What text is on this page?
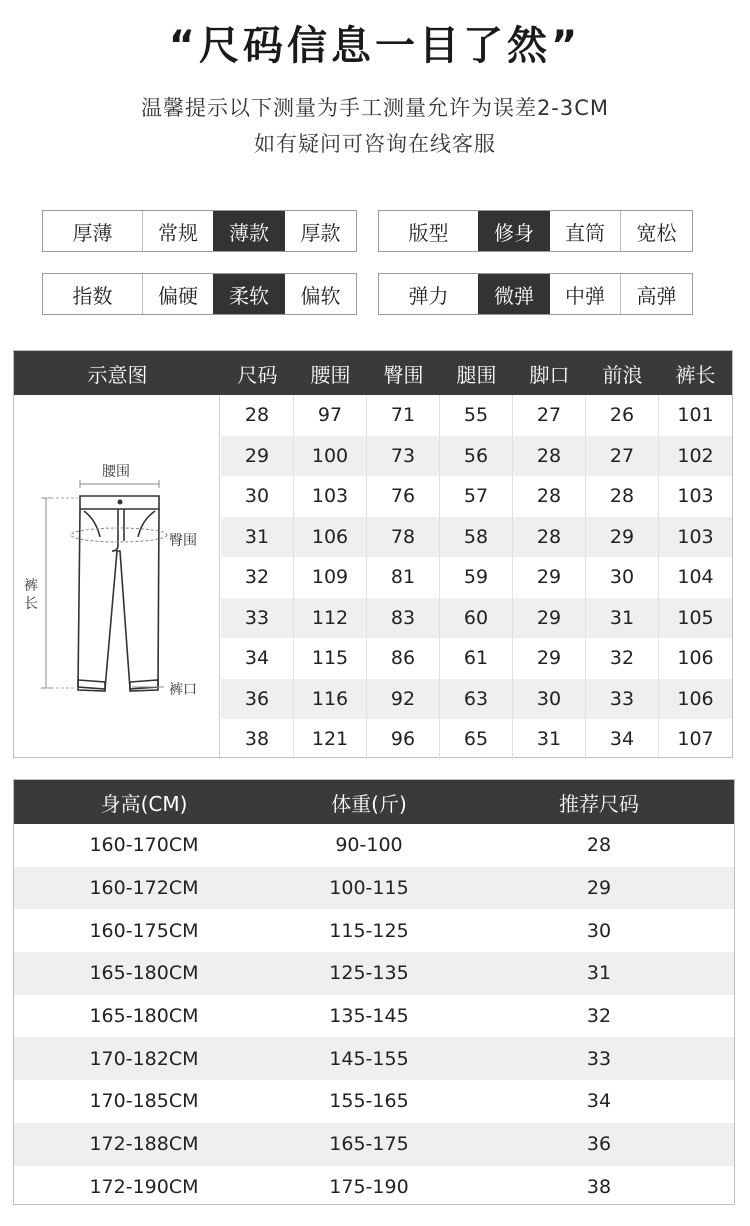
“尺码信息一目了然”
温馨提示以下测量为手工测量允许为误差2-3CM
如有疑问可咨询在线客服
厚薄	常规	薄款	厚款	版型	修身	直筒	宽松
指数	偏硬	柔软	偏软	弹力	微弹	中弹	高弹
示意图	尺码	腰围	臀围	腿围	脚口	前浪	裤长
腰围
臀围
裤
长
裤口
28	97	71	55	27	26	101
29	100	73	56	28	27	102
30	103	76	57	28	28	103
31	106	78	58	28	29	103
32	109	81	59	29	30	104
33	112	83	60	29	31	105
34	115	86	61	29	32	106
36	116	92	63	30	33	106
38	121	96	65	31	34	107
身高(CM)	体重(斤)	推荐尺码
160-170CM	90-100	28
160-172CM	100-115	29
160-175CM	115-125	30
165-180CM	125-135	31
165-180CM	135-145	32
170-182CM	145-155	33
170-185CM	155-165	34
172-188CM	165-175	36
172-190CM	175-190	38
